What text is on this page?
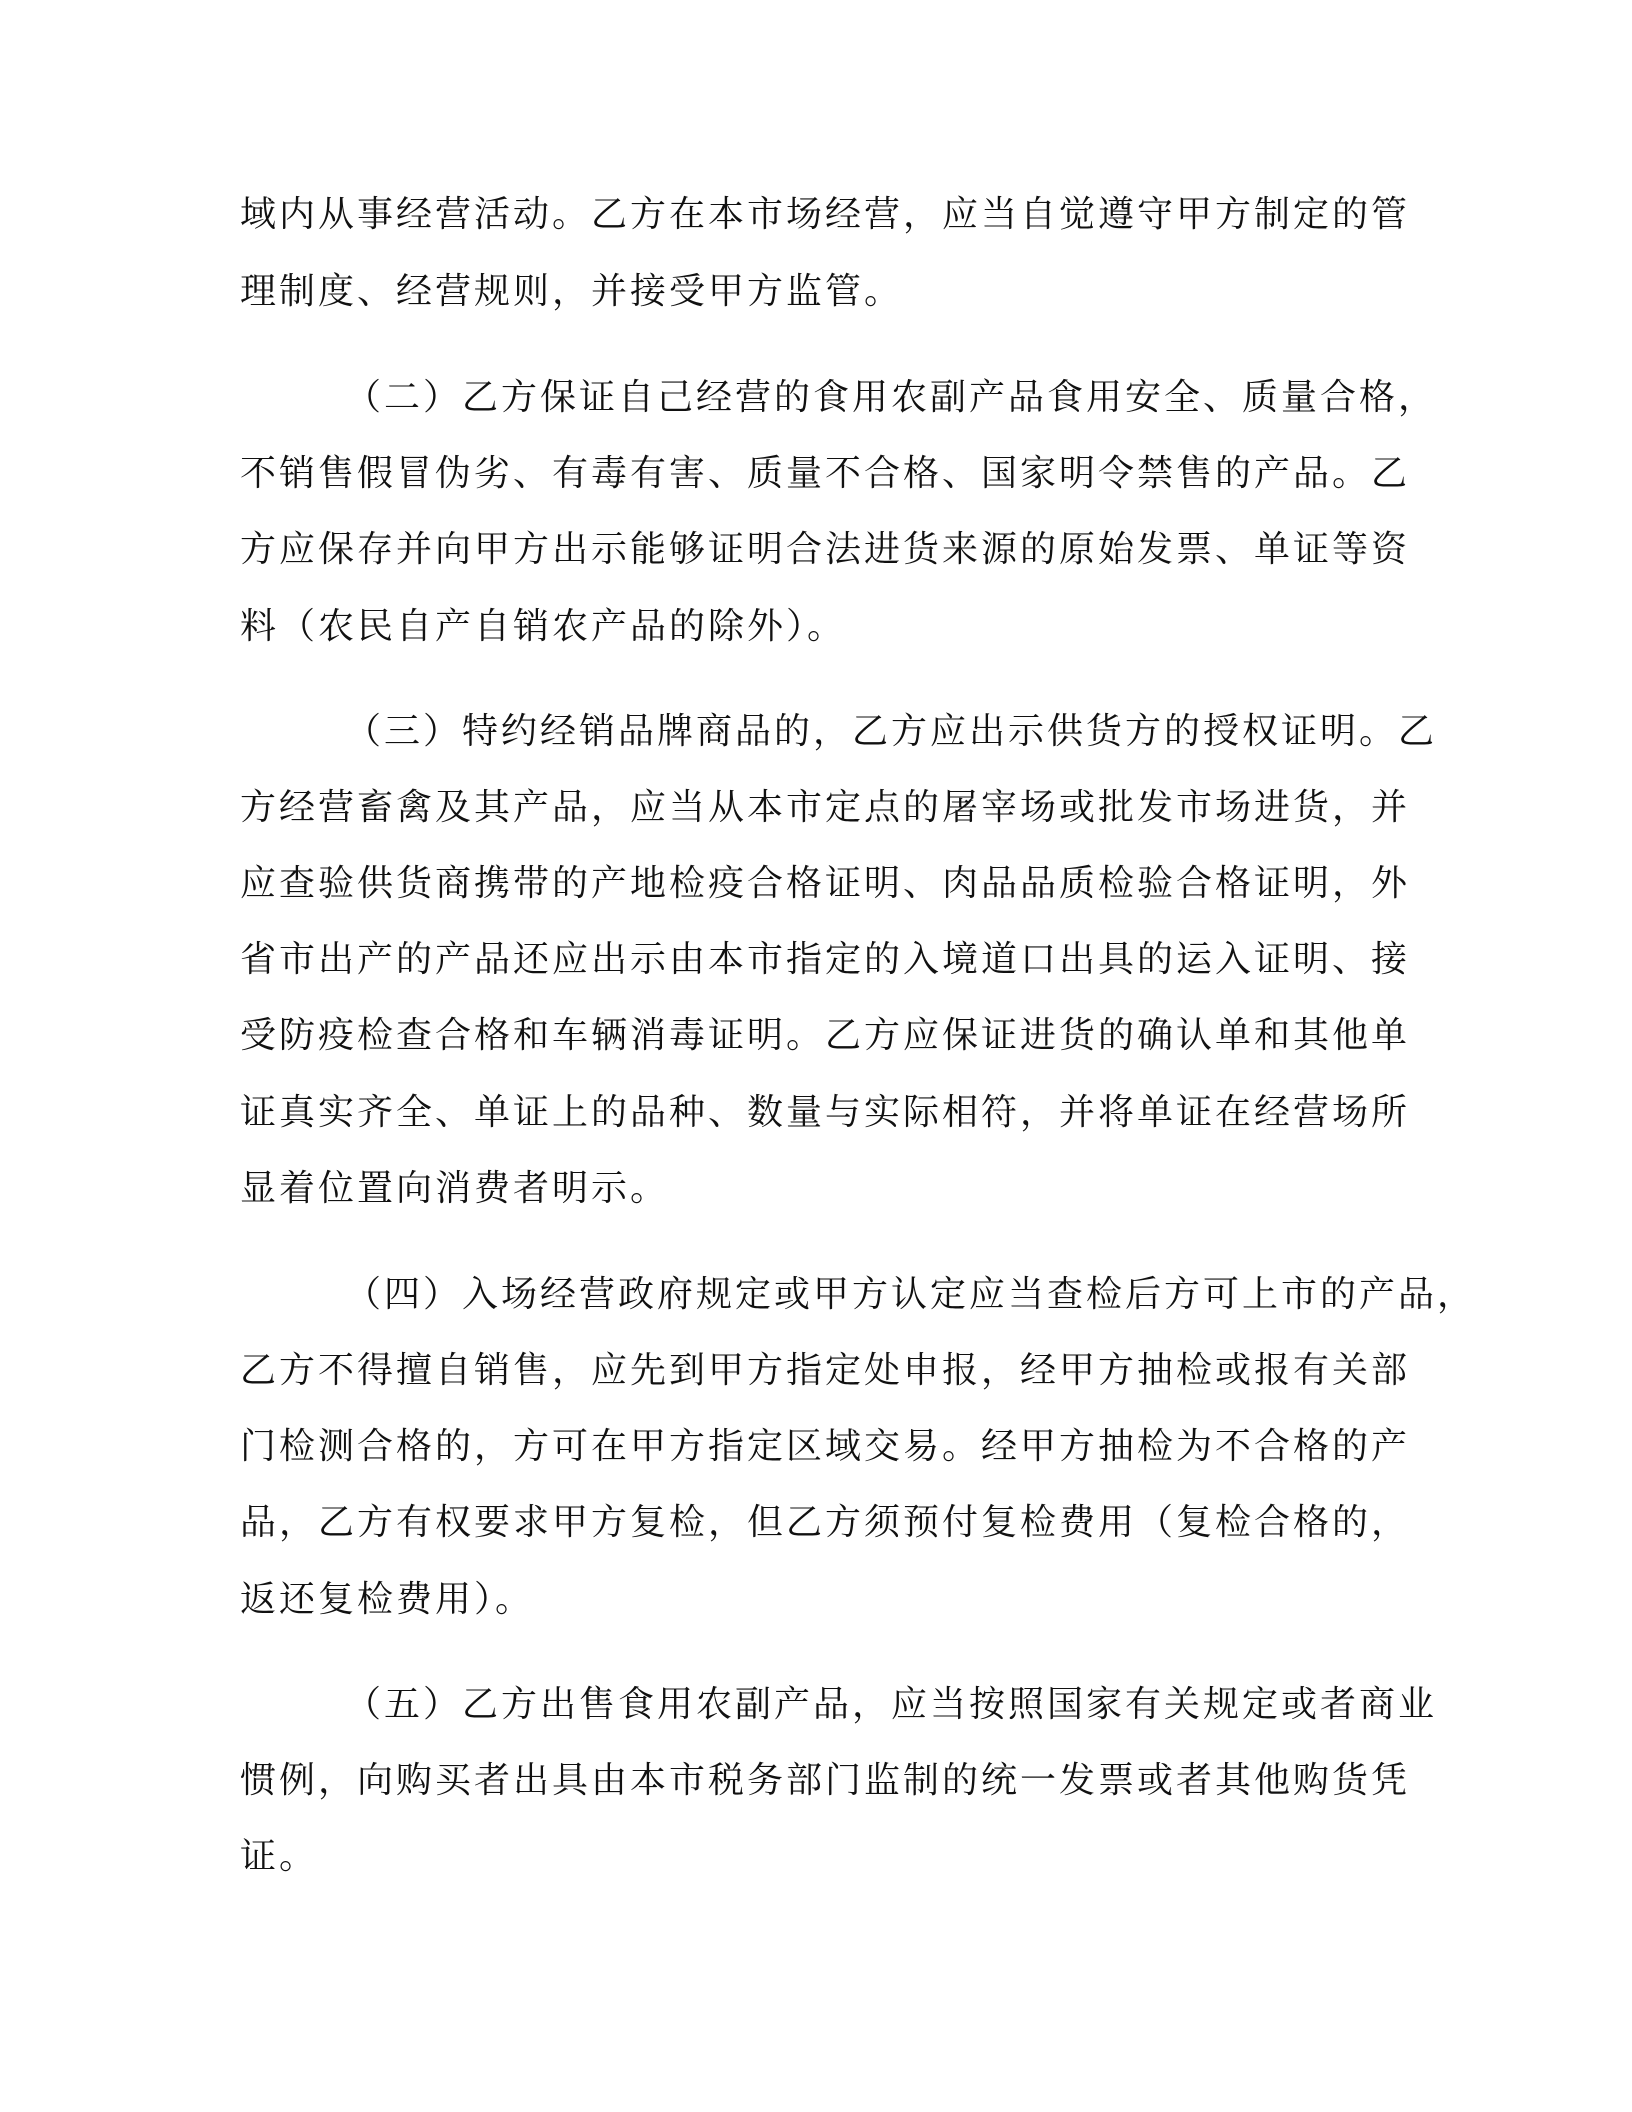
域内从事经营活动。乙方在本市场经营，应当自觉遵守甲方制定的管
理制度、经营规则，并接受甲方监管。
（二）乙方保证自己经营的食用农副产品食用安全、质量合格，
不销售假冒伪劣、有毒有害、质量不合格、国家明令禁售的产品。乙
方应保存并向甲方出示能够证明合法进货来源的原始发票、单证等资
料（农民自产自销农产品的除外）。
（三）特约经销品牌商品的，乙方应出示供货方的授权证明。乙
方经营畜禽及其产品，应当从本市定点的屠宰场或批发市场进货，并
应查验供货商携带的产地检疫合格证明、肉品品质检验合格证明，外
省市出产的产品还应出示由本市指定的入境道口出具的运入证明、接
受防疫检查合格和车辆消毒证明。乙方应保证进货的确认单和其他单
证真实齐全、单证上的品种、数量与实际相符，并将单证在经营场所
显着位置向消费者明示。
（四）入场经营政府规定或甲方认定应当查检后方可上市的产品，
乙方不得擅自销售，应先到甲方指定处申报，经甲方抽检或报有关部
门检测合格的，方可在甲方指定区域交易。经甲方抽检为不合格的产
品，乙方有权要求甲方复检，但乙方须预付复检费用（复检合格的，
返还复检费用）。
（五）乙方出售食用农副产品，应当按照国家有关规定或者商业
惯例，向购买者出具由本市税务部门监制的统一发票或者其他购货凭
证。
